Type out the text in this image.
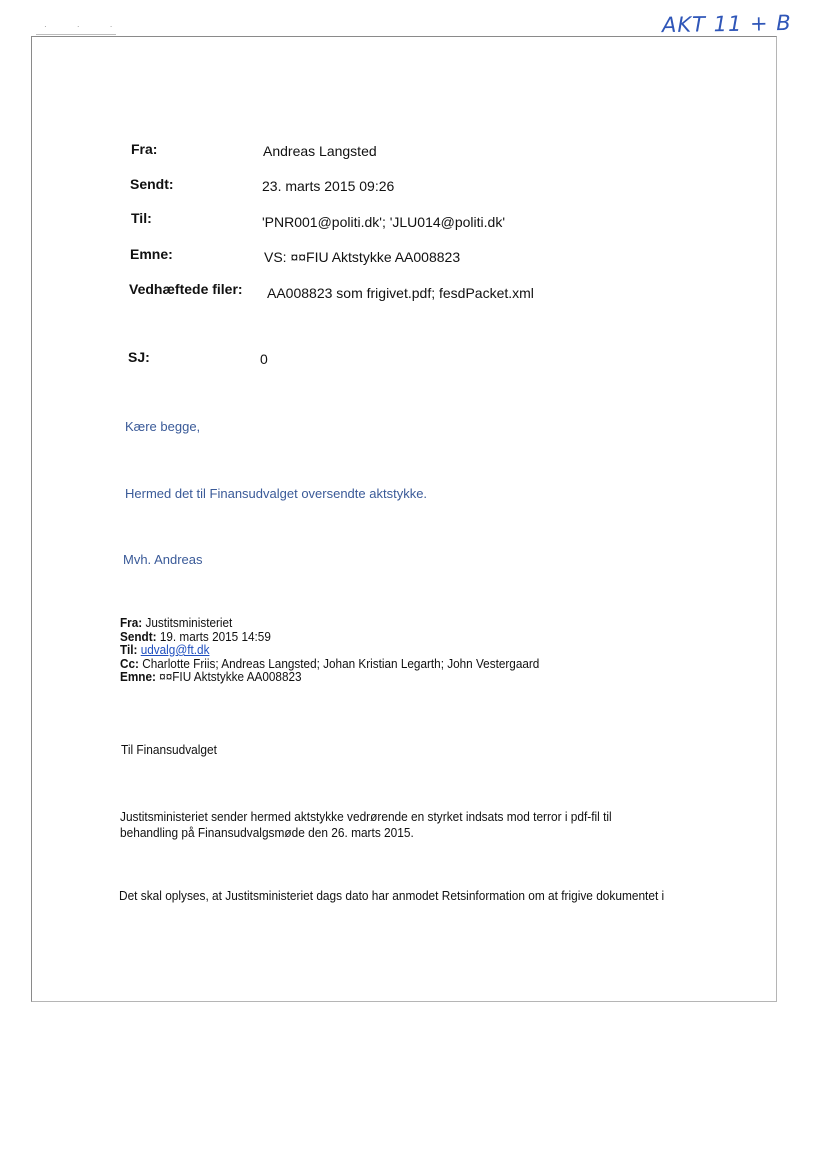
· · ·	AKT 11 + B
Fra:	Andreas Langsted
Sendt:	23. marts 2015 09:26
Til:	'PNR001@politi.dk'; 'JLU014@politi.dk'
Emne:	VS: ¤¤FIU Aktstykke AA008823
Vedhæftede filer: AA008823 som frigivet.pdf; fesdPacket.xml
SJ:	0
Kære begge,
Hermed det til Finansudvalget oversendte aktstykke.
Mvh. Andreas
Fra: Justitsministeriet
Sendt: 19. marts 2015 14:59
Til: udvalg@ft.dk
Cc: Charlotte Friis; Andreas Langsted; Johan Kristian Legarth; John Vestergaard
Emne: ¤¤FIU Aktstykke AA008823
Til Finansudvalget
Justitsministeriet sender hermed aktstykke vedrørende en styrket indsats mod terror i pdf-fil til
behandling på Finansudvalgsmøde den 26. marts 2015.
Det skal oplyses, at Justitsministeriet dags dato har anmodet Retsinformation om at frigive dokumentet i
